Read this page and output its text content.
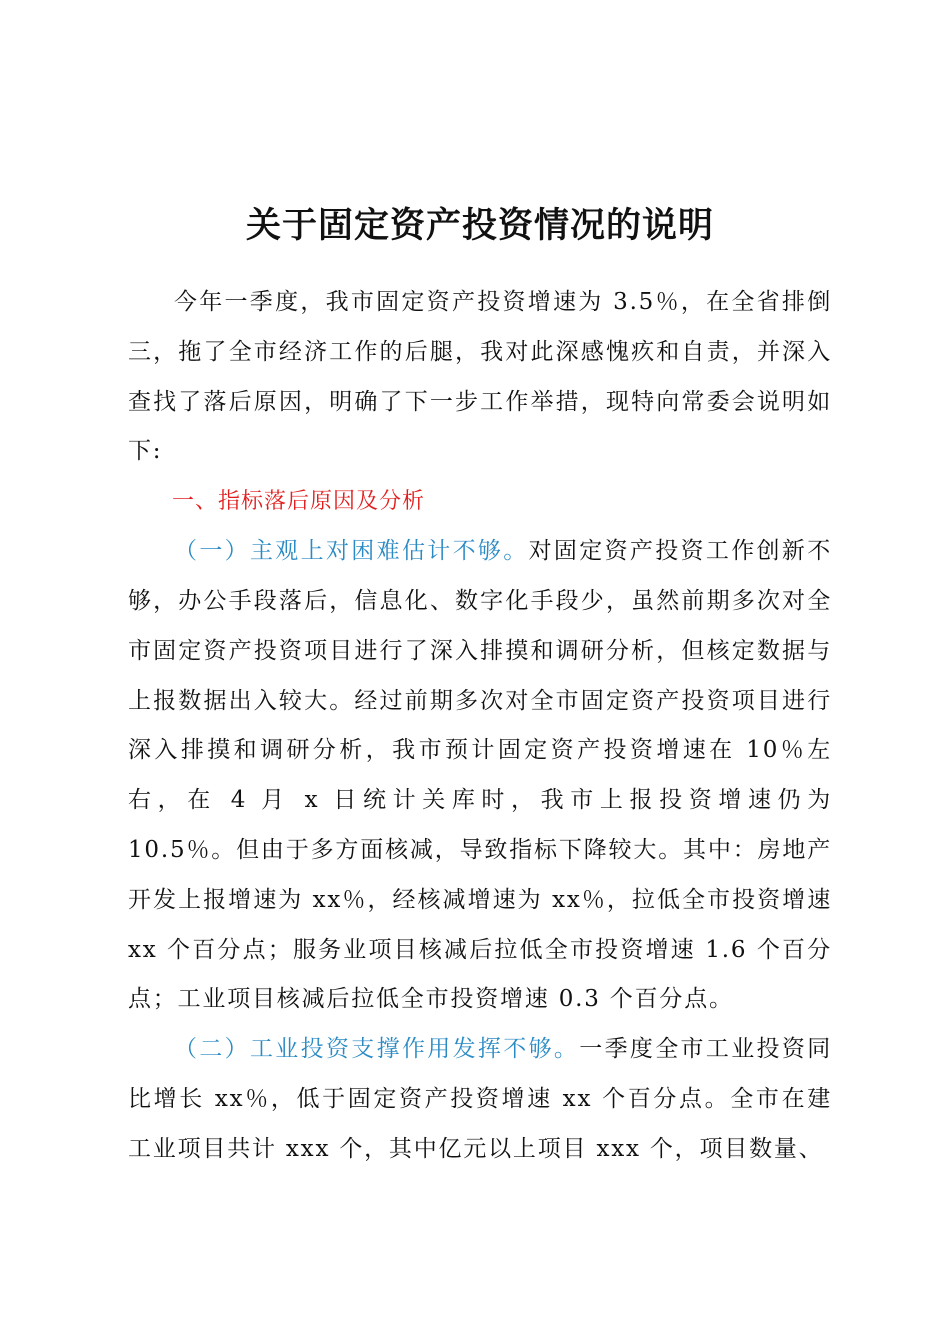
关于固定资产投资情况的说明

今年一季度，我市固定资产投资增速为 3.5％，在全省排倒三，拖了全市经济工作的后腿，我对此深感愧疚和自责，并深入查找了落后原因，明确了下一步工作举措，现特向常委会说明如下:

一、指标落后原因及分析

（一）主观上对困难估计不够。对固定资产投资工作创新不够，办公手段落后，信息化、数字化手段少，虽然前期多次对全市固定资产投资项目进行了深入排摸和调研分析，但核定数据与上报数据出入较大。经过前期多次对全市固定资产投资项目进行深入排摸和调研分析，我市预计固定资产投资增速在 10％左右，在 4 月 x 日统计关库时，我市上报投资增速仍为 10.5％。但由于多方面核减，导致指标下降较大。其中：房地产开发上报增速为 xx％，经核减增速为 xx％，拉低全市投资增速 xx 个百分点；服务业项目核减后拉低全市投资增速 1.6 个百分点；工业项目核减后拉低全市投资增速 0.3 个百分点。

（二）工业投资支撑作用发挥不够。一季度全市工业投资同比增长 xx％，低于固定资产投资增速 xx 个百分点。全市在建工业项目共计 xxx 个，其中亿元以上项目 xxx 个，项目数量、
